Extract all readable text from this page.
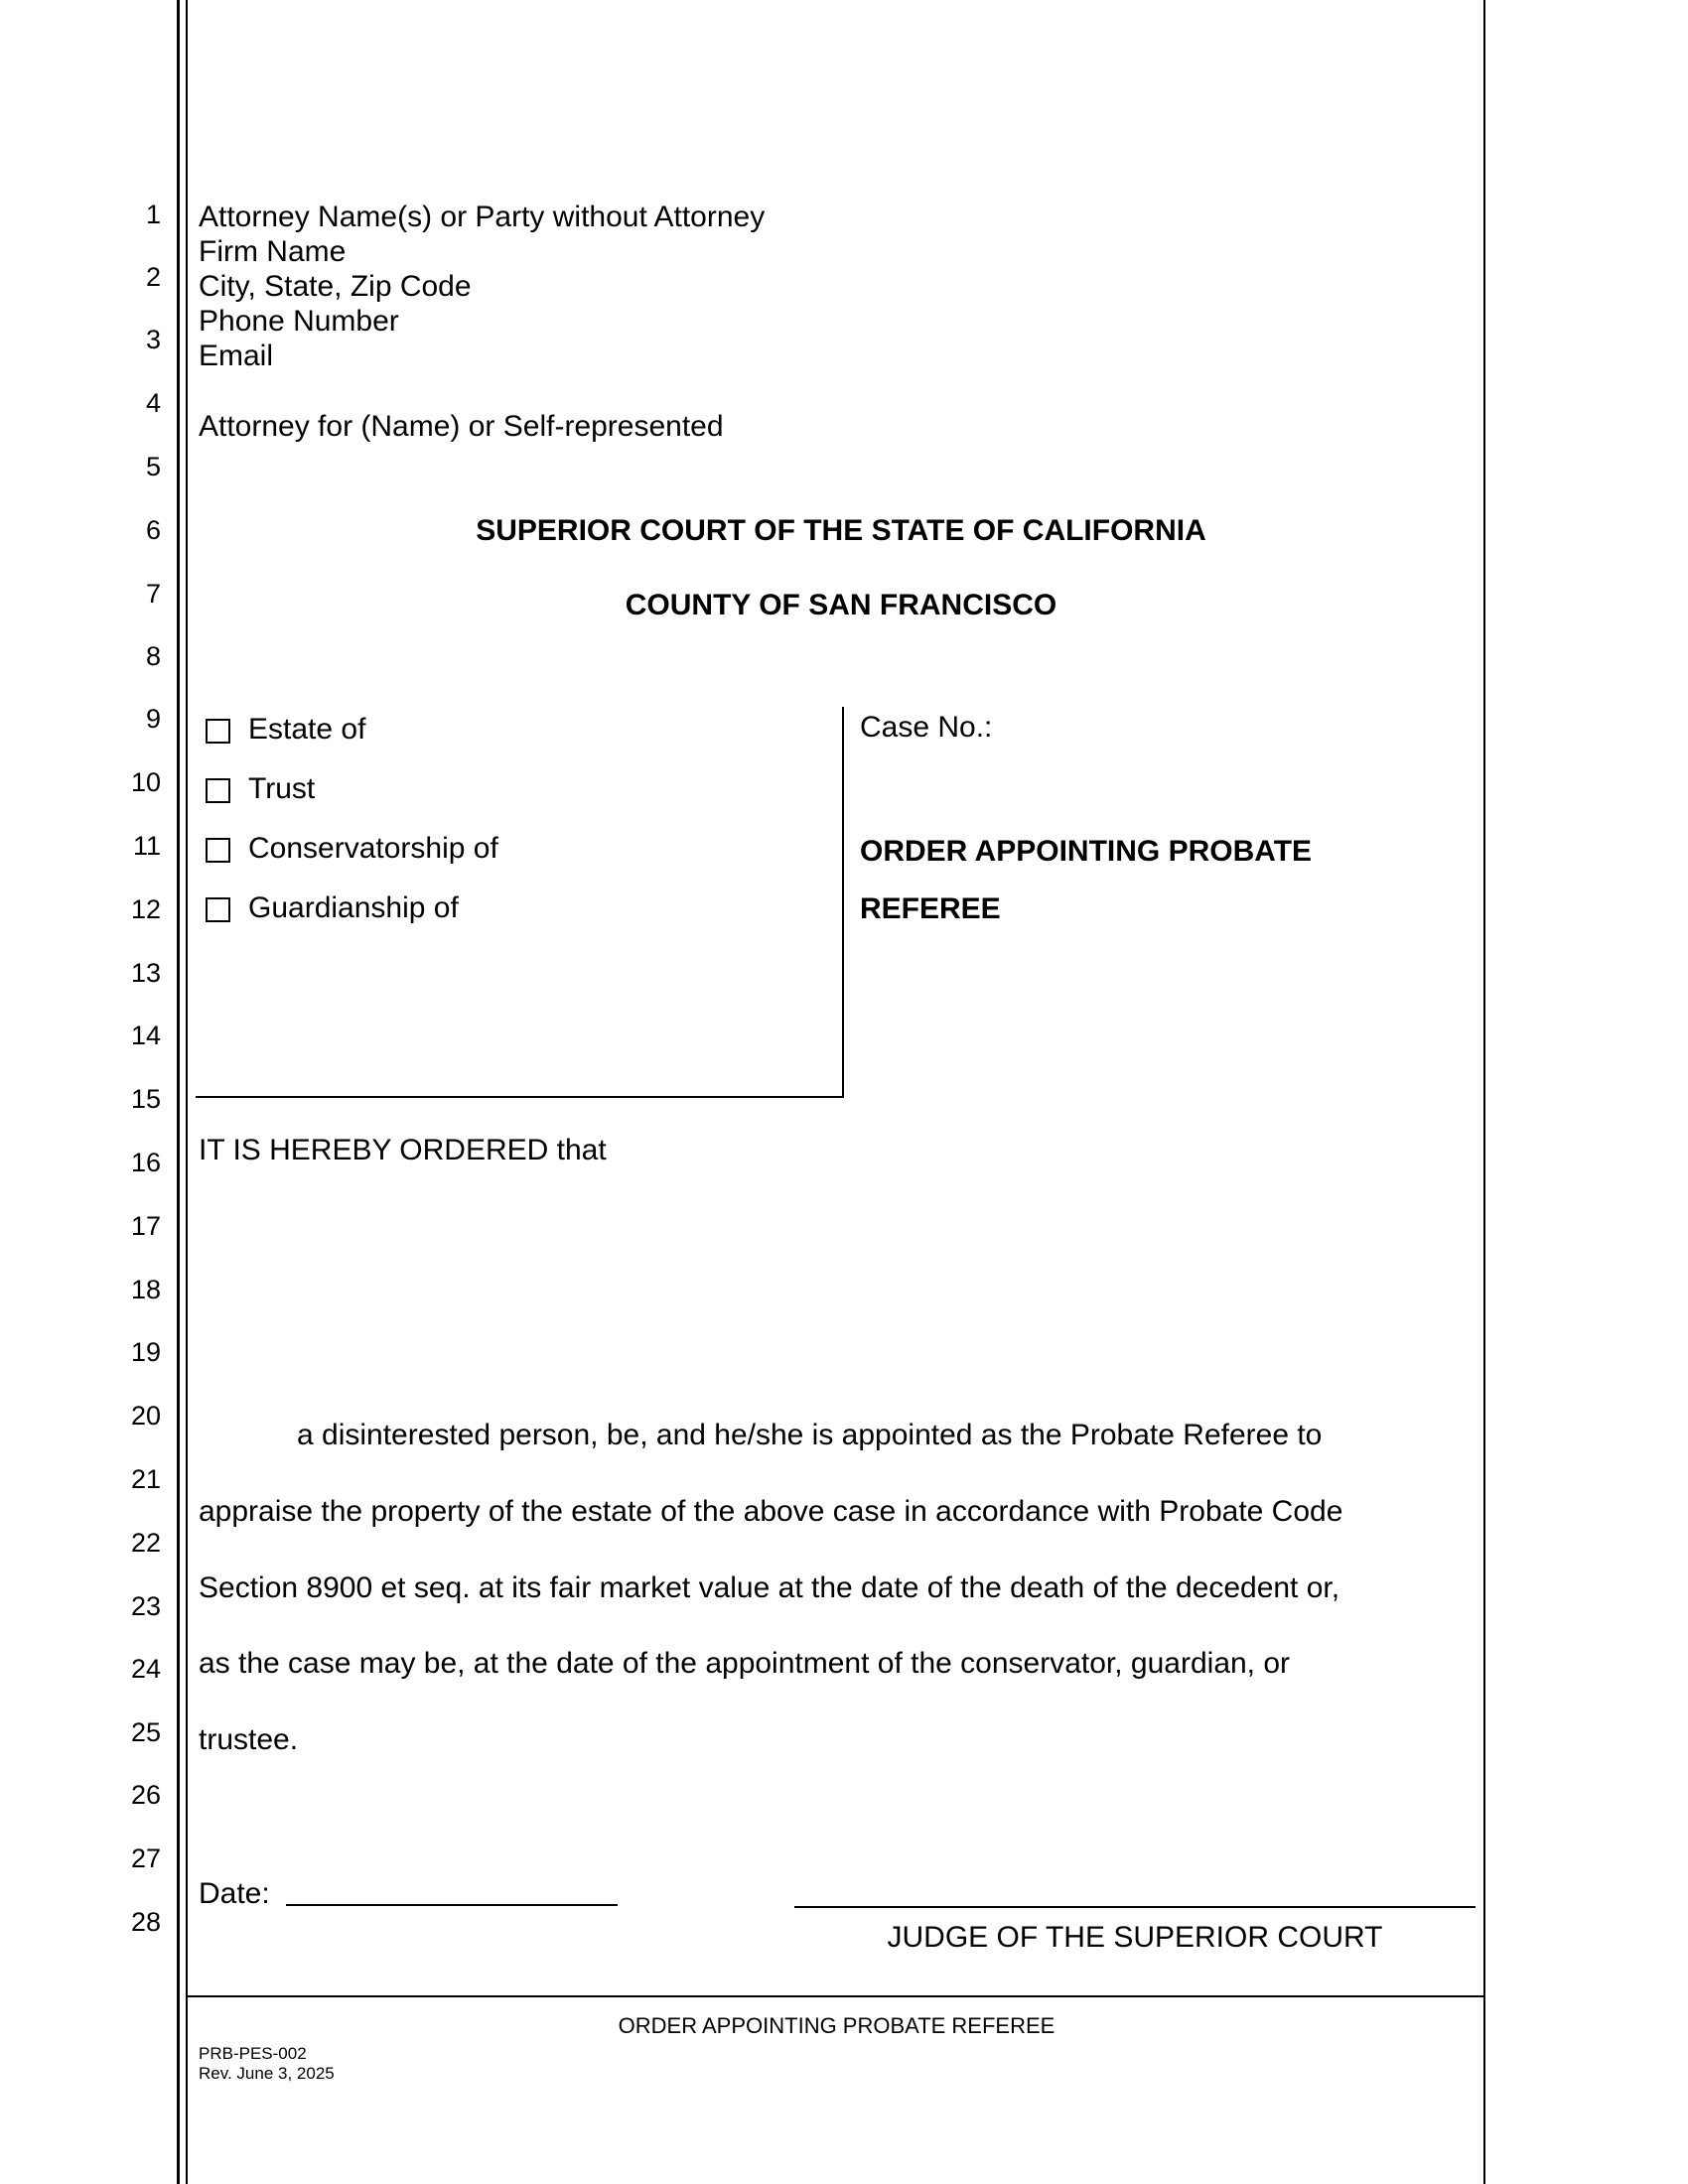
1
2
3
4
5
6
7
8
9
10
11
12
13
14
15
16
17
18
19
20
21
22
23
24
25
26
27
28
Attorney Name(s) or Party without Attorney
Firm Name
City, State, Zip Code
Phone Number
Email
Attorney for (Name) or Self-represented
SUPERIOR COURT OF THE STATE OF CALIFORNIA
COUNTY OF SAN FRANCISCO
Estate of
Trust
Conservatorship of
Guardianship of
Case No.:
ORDER APPOINTING PROBATE
REFEREE
IT IS HEREBY ORDERED that
a disinterested person, be, and he/she is appointed as the Probate Referee to
appraise the property of the estate of the above case in accordance with Probate Code
Section 8900 et seq. at its fair market value at the date of the death of the decedent or,
as the case may be, at the date of the appointment of the conservator, guardian, or
trustee.
Date:
JUDGE OF THE SUPERIOR COURT
ORDER APPOINTING PROBATE REFEREE
PRB-PES-002
Rev. June 3, 2025
